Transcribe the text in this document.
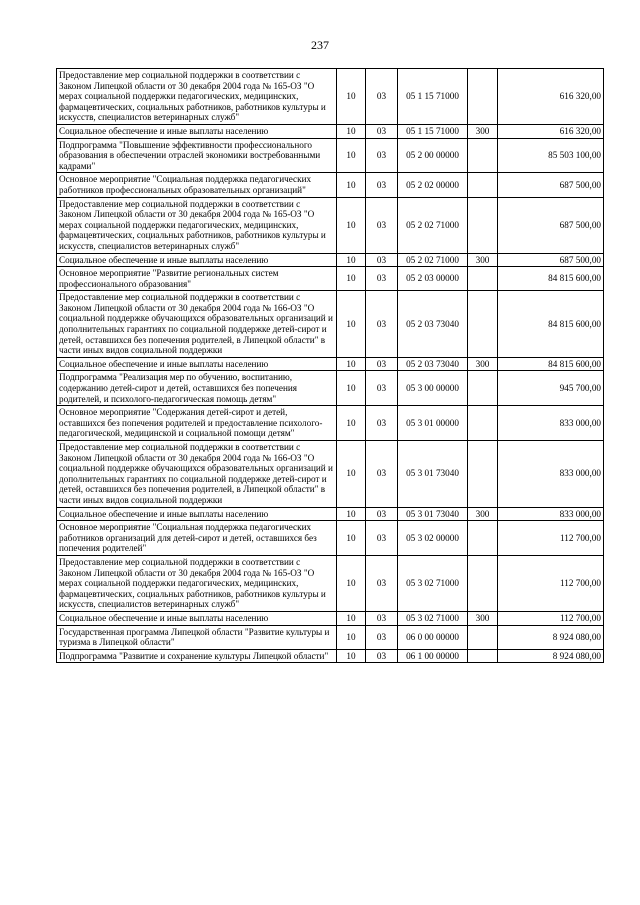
237
Предоставление мер социальной поддержки в соответствии с Законом Липецкой области от 30 декабря 2004 года № 165-ОЗ "О мерах социальной поддержки педагогических, медицинских, фармацевтических, социальных работников, работников культуры и искусств, специалистов ветеринарных служб"	10	03	05 1 15 71000		616 320,00
Социальное обеспечение и иные выплаты населению	10	03	05 1 15 71000	300	616 320,00
Подпрограмма "Повышение эффективности профессионального образования в обеспечении отраслей экономики востребованными кадрами"	10	03	05 2 00 00000		85 503 100,00
Основное мероприятие "Социальная поддержка педагогических работников профессиональных образовательных организаций"	10	03	05 2 02 00000		687 500,00
Предоставление мер социальной поддержки в соответствии с Законом Липецкой области от 30 декабря 2004 года № 165-ОЗ "О мерах социальной поддержки педагогических, медицинских, фармацевтических, социальных работников, работников культуры и искусств, специалистов ветеринарных служб"	10	03	05 2 02 71000		687 500,00
Социальное обеспечение и иные выплаты населению	10	03	05 2 02 71000	300	687 500,00
Основное мероприятие "Развитие региональных систем профессионального образования"	10	03	05 2 03 00000		84 815 600,00
Предоставление мер социальной поддержки в соответствии с Законом Липецкой области от 30 декабря 2004 года № 166-ОЗ "О социальной поддержке обучающихся образовательных организаций и дополнительных гарантиях по социальной поддержке детей-сирот и детей, оставшихся без попечения родителей, в Липецкой области" в части иных видов социальной поддержки	10	03	05 2 03 73040		84 815 600,00
Социальное обеспечение и иные выплаты населению	10	03	05 2 03 73040	300	84 815 600,00
Подпрограмма "Реализация мер по обучению, воспитанию, содержанию детей-сирот и детей, оставшихся без попечения родителей, и психолого-педагогическая помощь детям"	10	03	05 3 00 00000		945 700,00
Основное мероприятие "Содержания детей-сирот и детей, оставшихся без попечения родителей и предоставление психолого-педагогической, медицинской и социальной помощи детям"	10	03	05 3 01 00000		833 000,00
Предоставление мер социальной поддержки в соответствии с Законом Липецкой области от 30 декабря 2004 года № 166-ОЗ "О социальной поддержке обучающихся образовательных организаций и дополнительных гарантиях по социальной поддержке детей-сирот и детей, оставшихся без попечения родителей, в Липецкой области" в части иных видов социальной поддержки	10	03	05 3 01 73040		833 000,00
Социальное обеспечение и иные выплаты населению	10	03	05 3 01 73040	300	833 000,00
Основное мероприятие "Социальная поддержка педагогических работников организаций для детей-сирот и детей, оставшихся без попечения родителей"	10	03	05 3 02 00000		112 700,00
Предоставление мер социальной поддержки в соответствии с Законом Липецкой области от 30 декабря 2004 года № 165-ОЗ "О мерах социальной поддержки педагогических, медицинских, фармацевтических, социальных работников, работников культуры и искусств, специалистов ветеринарных служб"	10	03	05 3 02 71000		112 700,00
Социальное обеспечение и иные выплаты населению	10	03	05 3 02 71000	300	112 700,00
Государственная программа Липецкой области "Развитие культуры и туризма в Липецкой области"	10	03	06 0 00 00000		8 924 080,00
Подпрограмма "Развитие и сохранение культуры Липецкой области"	10	03	06 1 00 00000		8 924 080,00
